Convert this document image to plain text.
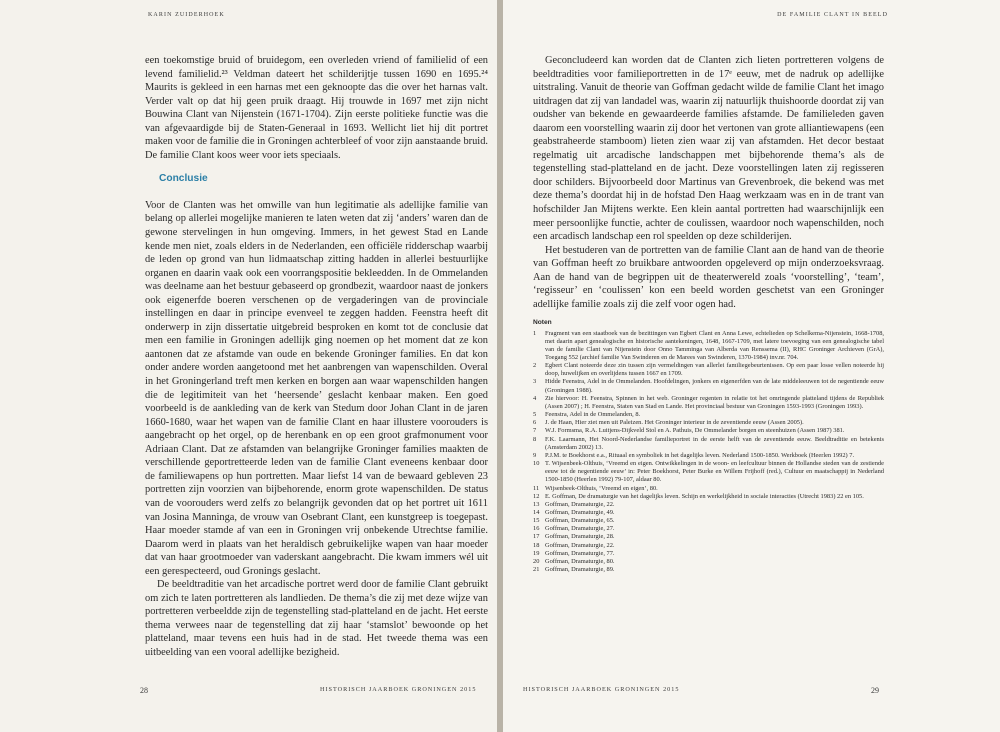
KARIN ZUIDERHOEK

een toekomstige bruid of bruidegom, een overleden vriend of familielid of een levend familielid.²³ Veldman dateert het schilderijtje tussen 1690 en 1695.²⁴ Maurits is gekleed in een harnas met een geknoopte das die over het harnas valt. Verder valt op dat hij geen pruik draagt. Hij trouwde in 1697 met zijn nicht Bouwina Clant van Nijenstein (1671-1704). Zijn eerste politieke functie was die van afgevaardigde bij de Staten-Generaal in 1693. Wellicht liet hij dit portret maken voor de familie die in Groningen achterbleef of voor zijn aanstaande bruid. De familie Clant koos weer voor iets speciaals.

Conclusie

Voor de Clanten was het omwille van hun legitimatie als adellijke familie van belang op allerlei mogelijke manieren te laten weten dat zij ‘anders’ waren dan de gewone stervelingen in hun omgeving. Immers, in het gewest Stad en Lande kende men niet, zoals elders in de Nederlanden, een officiële ridderschap waarbij de leden op grond van hun lidmaatschap zitting hadden in allerlei bestuurlijke organen en daarin vaak ook een voorrangspositie bekleedden. In de Ommelanden was deelname aan het bestuur gebaseerd op grondbezit, waardoor naast de jonkers ook eigenerfde boeren verschenen op de vergaderingen van de provinciale instellingen en daar in principe evenveel te zeggen hadden. Feenstra heeft dit onderwerp in zijn dissertatie uitgebreid besproken en komt tot de conclusie dat men een familie in Groningen adellijk ging noemen op het moment dat ze kon aantonen dat ze afstamde van oude en bekende Groninger families. En dat kon onder andere worden aangetoond met het aanbrengen van wapenschilden. Overal in het Groningerland treft men kerken en borgen aan waar wapenschilden hangen die de legitimiteit van het ‘heersende’ geslacht kenbaar maken. Een goed voorbeeld is de aankleding van de kerk van Stedum door Johan Clant in de jaren 1660-1680, waar het wapen van de familie Clant en haar illustere voorouders is aangebracht op het orgel, op de herenbank en op een groot grafmonument voor Adriaan Clant. Dat ze afstamden van belangrijke Groninger families maakten de verschillende geportretteerde leden van de familie Clant eveneens kenbaar door de familiewapens op hun portretten. Maar liefst 14 van de bewaard gebleven 23 portretten zijn voorzien van bijbehorende, enorm grote wapenschilden. De status van de voorouders werd zelfs zo belangrijk gevonden dat op het portret uit 1611 van Josina Manninga, de vrouw van Osebrant Clant, een kunstgreep is toegepast. Haar moeder stamde af van een in Groningen vrij onbekende Utrechtse familie. Daarom werd in plaats van het heraldisch gebruikelijke wapen van haar moeder dat van haar grootmoeder van vaderskant aangebracht. Die kwam immers wél uit een gerespecteerd, oud Gronings geslacht.

De beeldtraditie van het arcadische portret werd door de familie Clant gebruikt om zich te laten portretteren als landlieden. De thema’s die zij met deze wijze van portretteren verbeeldde zijn de tegenstelling stad-platteland en de jacht. Het eerste thema verwees naar de tegenstelling dat zij haar ‘stamslot’ bewoonde op het platteland, maar tevens een huis had in de stad. Het tweede thema was een uitbeelding van een vooral adellijke bezigheid.

28	HISTORISCH JAARBOEK GRONINGEN 2015
DE FAMILIE CLANT IN BEELD

Geconcludeerd kan worden dat de Clanten zich lieten portretteren volgens de beeldtradities voor familieportretten in de 17ᵉ eeuw, met de nadruk op adellijke uitstraling. Vanuit de theorie van Goffman gedacht wilde de familie Clant het imago uitdragen dat zij van landadel was, waarin zij natuurlijk thuishoorde doordat zij van oudsher van bekende en gewaardeerde families afstamde. De familieleden gaven daarom een voorstelling waarin zij door het vertonen van grote alliantiewapens (een geabstraheerde stamboom) lieten zien waar zij van afstamden. Het decor bestaat regelmatig uit arcadische landschappen met bijbehorende thema’s als de tegenstelling stad-platteland en de jacht. Deze voorstellingen laten zij regisseren door schilders. Bijvoorbeeld door Martinus van Grevenbroek, die bekend was met deze thema’s doordat hij in de hofstad Den Haag werkzaam was en in de trant van hofschilder Jan Mijtens werkte. Een klein aantal portretten had waarschijnlijk een meer persoonlijke functie, achter de coulissen, waardoor noch wapenschilden, noch een arcadisch landschap een rol speelden op deze schilderijen.

Het bestuderen van de portretten van de familie Clant aan de hand van de theorie van Goffman heeft zo bruikbare antwoorden opgeleverd op mijn onderzoeksvraag. Aan de hand van de begrippen uit de theaterwereld zoals ‘voorstelling’, ‘team’, ‘regisseur’ en ‘coulissen’ kon een beeld worden geschetst van een Groninger adellijke familie zoals zij die zelf voor ogen had.

Noten
1	Fragment van een staatboek van de bezittingen van Egbert Clant en Anna Lewe, echtelieden op Schelkema-Nijenstein, 1668-1708, met daarin apart genealogische en historische aantekeningen, 1648, 1667-1709, met latere toevoeging van een genealogische tabel van de familie Clant van Nijenstein door Onno Tammingа van Alberda van Renssema (II), RHC Groninger Archieven (GrA), Toegang 552 (archief familie Van Swinderen en de Marees van Swinderen, 1370-1984) inv.nr. 704.
2	Egbert Clant noteerde deze zin tussen zijn vermeldingen van allerlei familiegebeurtenissen. Op een paar losse vellen noteerde hij doop, huwelijken en overlijdens tussen 1667 en 1709.
3	Hidde Feenstra, Adel in de Ommelanden. Hoofdelingen, jonkers en eigenerfden van de late middeleeuwen tot de negentiende eeuw (Groningen 1988).
4	Zie hiervoor: H. Feenstra, Spinnen in het web. Groninger regenten in relatie tot het omringende platteland tijdens de Republiek (Assen 2007) ; H. Feenstra, Staten van Stad en Lande. Het provinciaal bestuur van Groningen 1593-1993 (Groningen 1993).
5	Feenstra, Adel in de Ommelanden, 8.
6	J. de Haan, Hier ziet men uit Paleizen. Het Groninger interieur in de zeventiende eeuw (Assen 2005).
7	W.J. Formsma, R.A. Luitjens-Dijkveld Stol en A. Pathuis, De Ommelander borgen en steenhuizen (Assen 1987) 381.
8	F.K. Laarmann, Het Noord-Nederlandse familieportret in de eerste helft van de zeventiende eeuw. Beeldtraditie en betekenis (Amsterdam 2002) 13.
9	P.J.M. te Boekhorst e.a., Rituaal en symboliek in het dagelijks leven. Nederland 1500-1850. Werkboek (Heerlen 1992) 7.
10 T. Wijsenbeek-Olthuis, ‘Vreemd en eigen. Ontwikkelingen in de woon- en leefcultuur binnen de Hollandse steden van de zestiende eeuw tot de negentiende eeuw’ in: Peter Boekhorst, Peter Burke en Willem Frijhoff (red.), Cultuur en maatschappij in Nederland 1500-1850 (Heerlen 1992) 79-107, aldaar 80.
11 Wijsenbeek-Olthuis, ‘Vreemd en eigen’, 80.
12 E. Goffman, De dramaturgie van het dagelijks leven. Schijn en werkelijkheid in sociale interacties (Utrecht 1983) 22 en 105.
13 Goffman, Dramaturgie, 22.
14 Goffman, Dramaturgie, 49.
15 Goffman, Dramaturgie, 65.
16 Goffman, Dramaturgie, 27.
17 Goffman, Dramaturgie, 28.
18 Goffman, Dramaturgie, 22.
19 Goffman, Dramaturgie, 77.
20 Goffman, Dramaturgie, 80.
21 Goffman, Dramaturgie, 89.
HISTORISCH JAARBOEK GRONINGEN 2015	29
